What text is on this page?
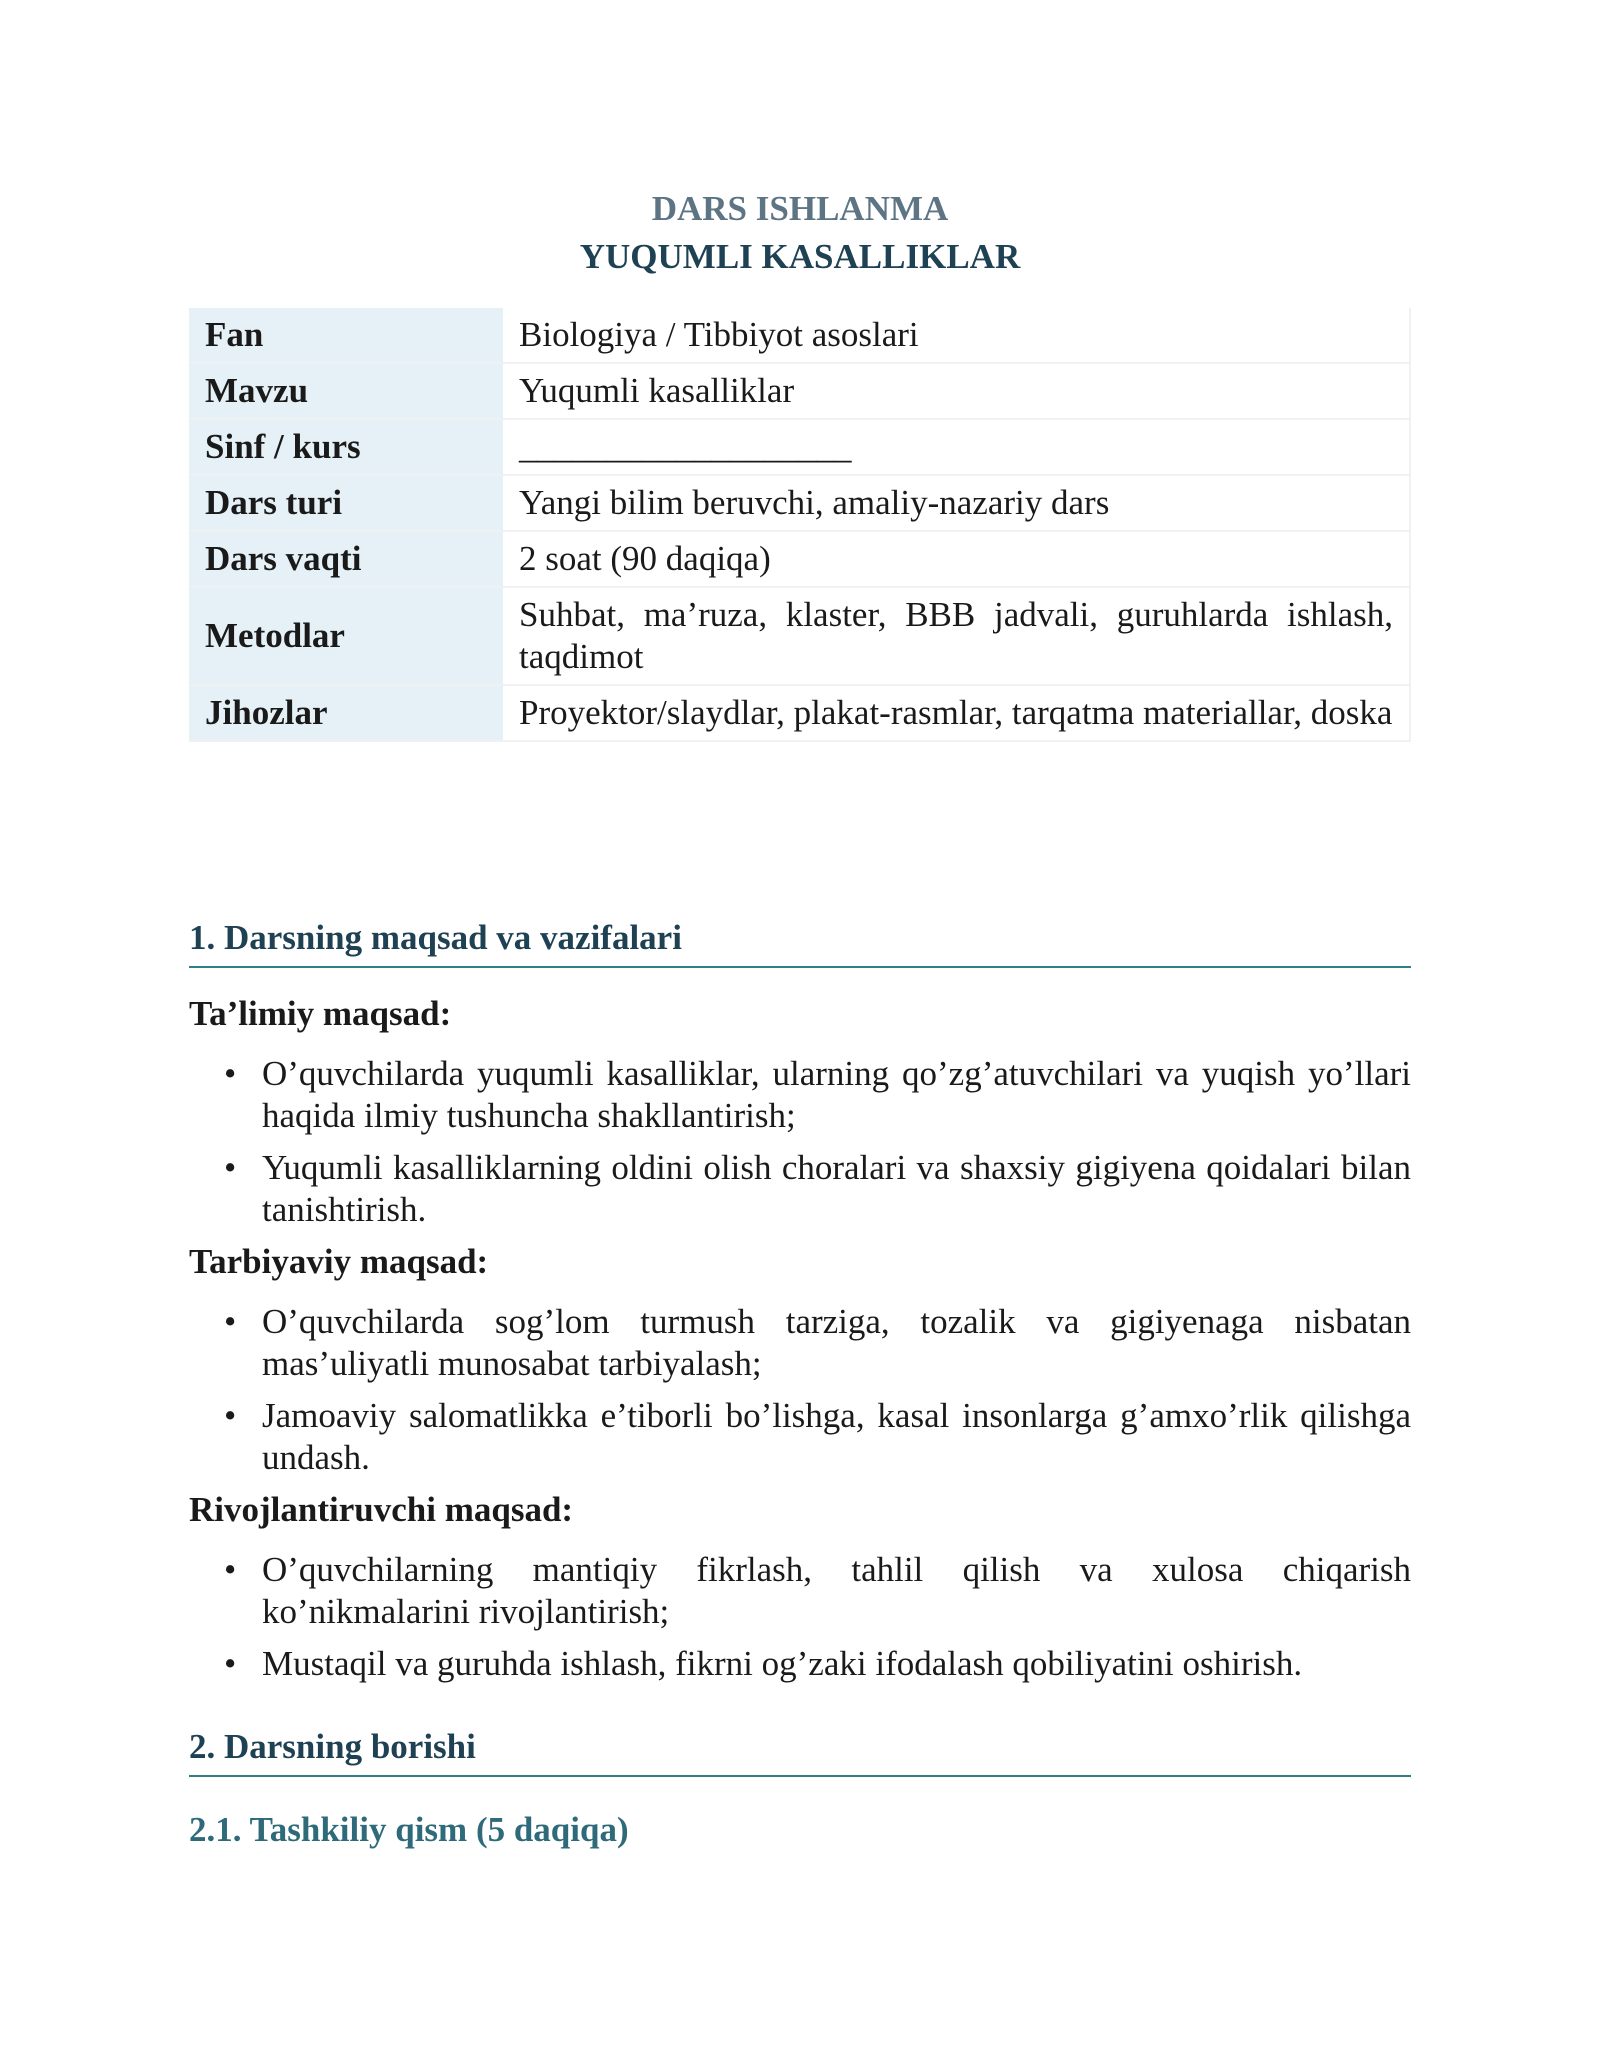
DARS ISHLANMA
YUQUMLI KASALLIKLAR
Fan	Biologiya / Tibbiyot asoslari
Mavzu	Yuqumli kasalliklar
Sinf / kurs	___________________
Dars turi	Yangi bilim beruvchi, amaliy-nazariy dars
Dars vaqti	2 soat (90 daqiqa)
Metodlar	Suhbat, ma’ruza, klaster, BBB jadvali, guruhlarda ishlash, taqdimot
Jihozlar	Proyektor/slaydlar, plakat-rasmlar, tarqatma materiallar, doska
1. Darsning maqsad va vazifalari
Ta’limiy maqsad:
• O’quvchilarda yuqumli kasalliklar, ularning qo’zg’atuvchilari va yuqish yo’llari haqida ilmiy tushuncha shakllantirish;
• Yuqumli kasalliklarning oldini olish choralari va shaxsiy gigiyena qoidalari bilan tanishtirish.
Tarbiyaviy maqsad:
• O’quvchilarda sog’lom turmush tarziga, tozalik va gigiyenaga nisbatan mas’uliyatli munosabat tarbiyalash;
• Jamoaviy salomatlikka e’tiborli bo’lishga, kasal insonlarga g’amxo’rlik qilishga undash.
Rivojlantiruvchi maqsad:
• O’quvchilarning mantiqiy fikrlash, tahlil qilish va xulosa chiqarish ko’nikmalarini rivojlantirish;
• Mustaqil va guruhda ishlash, fikrni og’zaki ifodalash qobiliyatini oshirish.
2. Darsning borishi
2.1. Tashkiliy qism (5 daqiqa)
